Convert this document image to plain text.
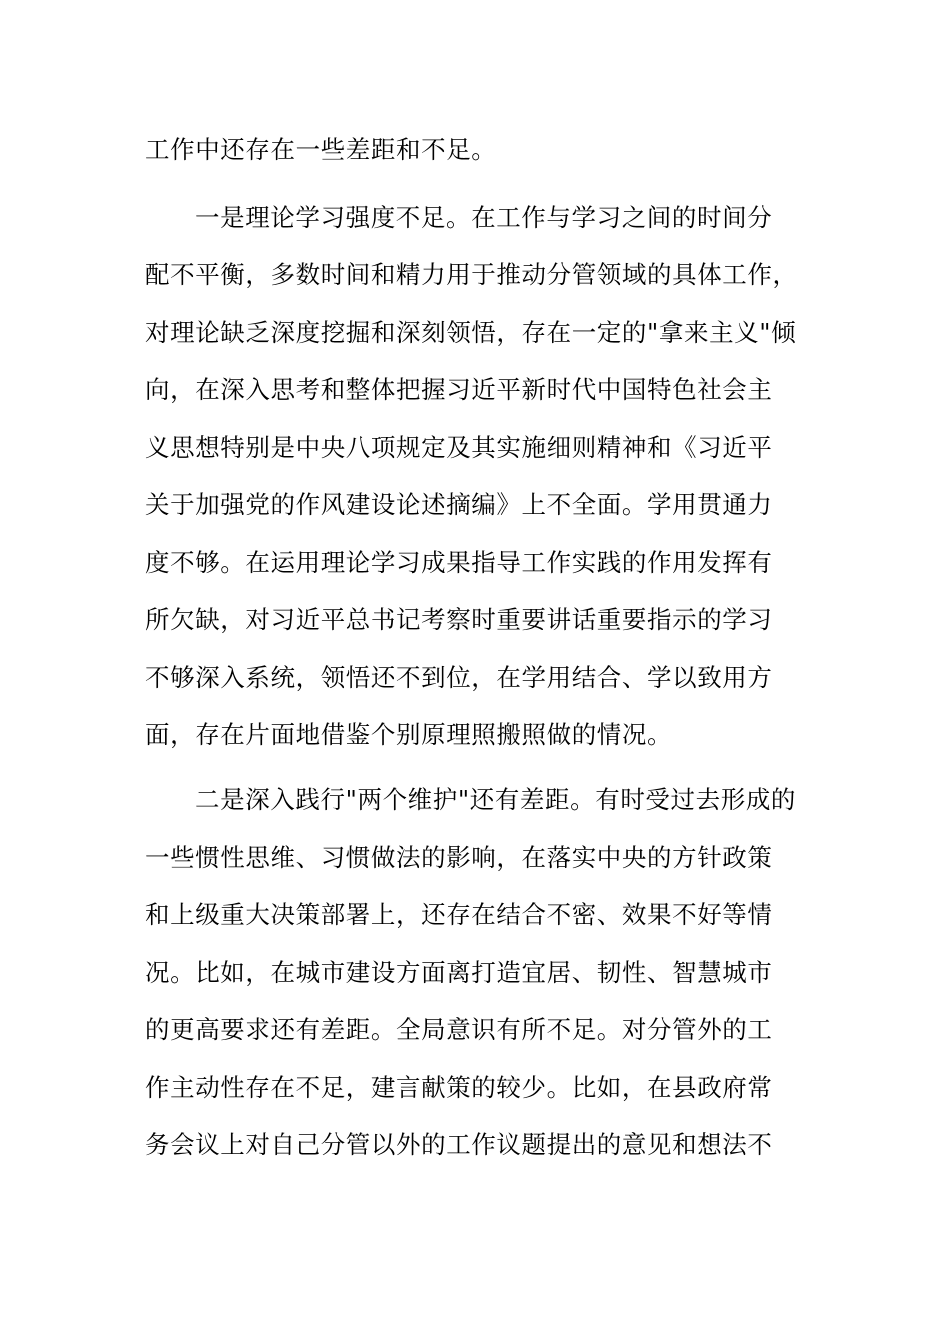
工作中还存在一些差距和不足。
一是理论学习强度不足。在工作与学习之间的时间分
配不平衡，多数时间和精力用于推动分管领域的具体工作，
对理论缺乏深度挖掘和深刻领悟，存在一定的"拿来主义"倾
向，在深入思考和整体把握习近平新时代中国特色社会主
义思想特别是中央八项规定及其实施细则精神和《习近平
关于加强党的作风建设论述摘编》上不全面。学用贯通力
度不够。在运用理论学习成果指导工作实践的作用发挥有
所欠缺，对习近平总书记考察时重要讲话重要指示的学习
不够深入系统，领悟还不到位，在学用结合、学以致用方
面，存在片面地借鉴个别原理照搬照做的情况。
二是深入践行"两个维护"还有差距。有时受过去形成的
一些惯性思维、习惯做法的影响，在落实中央的方针政策
和上级重大决策部署上，还存在结合不密、效果不好等情
况。比如，在城市建设方面离打造宜居、韧性、智慧城市
的更高要求还有差距。全局意识有所不足。对分管外的工
作主动性存在不足，建言献策的较少。比如，在县政府常
务会议上对自己分管以外的工作议题提出的意见和想法不
